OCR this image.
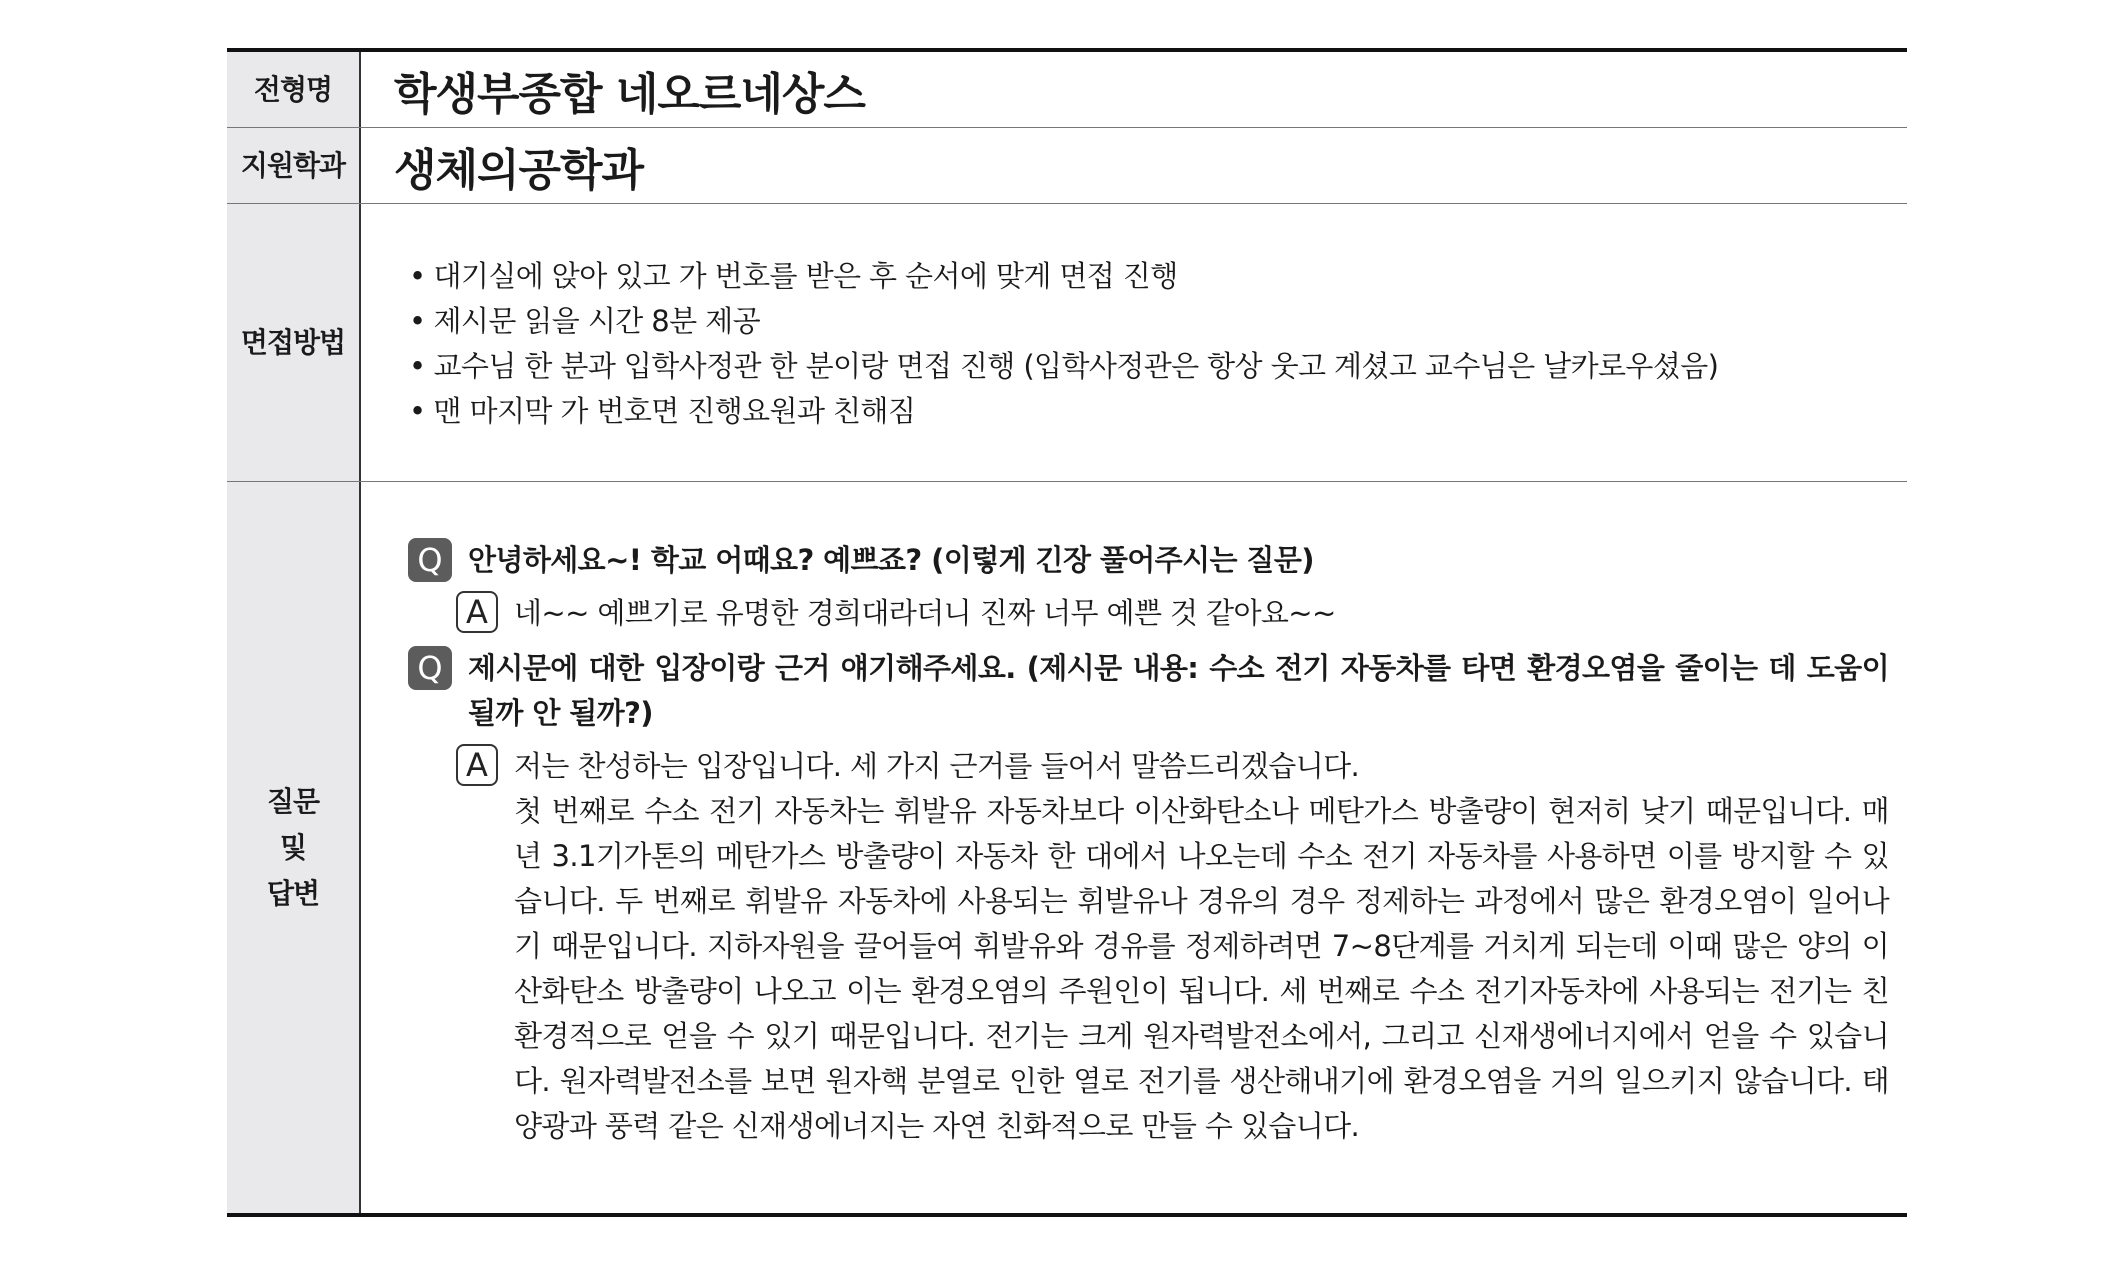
전형명	학생부종합 네오르네상스
지원학과	생체의공학과
면접방법
• 대기실에 앉아 있고 가 번호를 받은 후 순서에 맞게 면접 진행
• 제시문 읽을 시간 8분 제공
• 교수님 한 분과 입학사정관 한 분이랑 면접 진행 (입학사정관은 항상 웃고 계셨고 교수님은 날카로우셨음)
• 맨 마지막 가 번호면 진행요원과 친해짐
질문
및
답변
Q 안녕하세요~! 학교 어때요? 예쁘죠? (이렇게 긴장 풀어주시는 질문)
A 네~~ 예쁘기로 유명한 경희대라더니 진짜 너무 예쁜 것 같아요~~
Q 제시문에 대한 입장이랑 근거 얘기해주세요. (제시문 내용: 수소 전기 자동차를 타면 환경오염을 줄이는 데 도움이 될까 안 될까?)
A 저는 찬성하는 입장입니다. 세 가지 근거를 들어서 말씀드리겠습니다.
첫 번째로 수소 전기 자동차는 휘발유 자동차보다 이산화탄소나 메탄가스 방출량이 현저히 낮기 때문입니다. 매년 3.1기가톤의 메탄가스 방출량이 자동차 한 대에서 나오는데 수소 전기 자동차를 사용하면 이를 방지할 수 있습니다. 두 번째로 휘발유 자동차에 사용되는 휘발유나 경유의 경우 정제하는 과정에서 많은 환경오염이 일어나기 때문입니다. 지하자원을 끌어들여 휘발유와 경유를 정제하려면 7~8단계를 거치게 되는데 이때 많은 양의 이산화탄소 방출량이 나오고 이는 환경오염의 주원인이 됩니다. 세 번째로 수소 전기자동차에 사용되는 전기는 친환경적으로 얻을 수 있기 때문입니다. 전기는 크게 원자력발전소에서, 그리고 신재생에너지에서 얻을 수 있습니다. 원자력발전소를 보면 원자핵 분열로 인한 열로 전기를 생산해내기에 환경오염을 거의 일으키지 않습니다. 태양광과 풍력 같은 신재생에너지는 자연 친화적으로 만들 수 있습니다.
